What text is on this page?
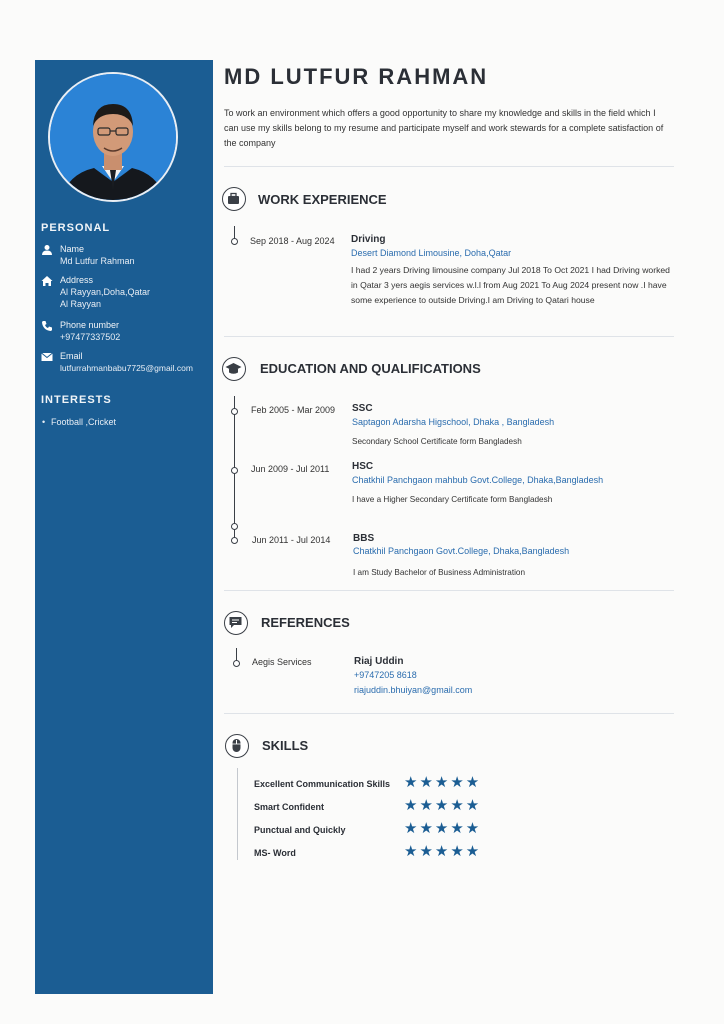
PERSONAL
Name
Md Lutfur Rahman
Address
Al Rayyan,Doha,Qatar
Al Rayyan
Phone number
+97477337502
Email
lutfurrahmanbabu7725@gmail.com
INTERESTS
• Football ,Cricket
MD LUTFUR RAHMAN
To work an environment which offers a good opportunity to share my knowledge and skills in the field which I can use my skills belong to my resume and participate myself and work stewards for a complete satisfaction of the company
WORK EXPERIENCE
Sep 2018 - Aug 2024 Driving
Desert Diamond Limousine, Doha,Qatar
I had 2 years Driving limousine company Jul 2018 To Oct 2021 I had Driving worked in Qatar 3 yers aegis services w.l.l from Aug 2021 To Aug 2024 present now .I have some experience to outside Driving.I am Driving to Qatari house
EDUCATION AND QUALIFICATIONS
Feb 2005 - Mar 2009 SSC
Saptagon Adarsha Higschool, Dhaka , Bangladesh
Secondary School Certificate form Bangladesh
Jun 2009 - Jul 2011 HSC
Chatkhil Panchgaon mahbub Govt.College, Dhaka,Bangladesh
I have a Higher Secondary Certificate form Bangladesh
Jun 2011 - Jul 2014 BBS
Chatkhil Panchgaon Govt.College, Dhaka,Bangladesh
I am Study Bachelor of Business Administration
REFERENCES
Aegis Services	Riaj Uddin
+9747205 8618
riajuddin.bhuiyan@gmail.com
SKILLS
Excellent Communication Skills ★★★★★
Smart Confident	★★★★★
Punctual and Quickly	★★★★★
MS- Word	★★★★★
